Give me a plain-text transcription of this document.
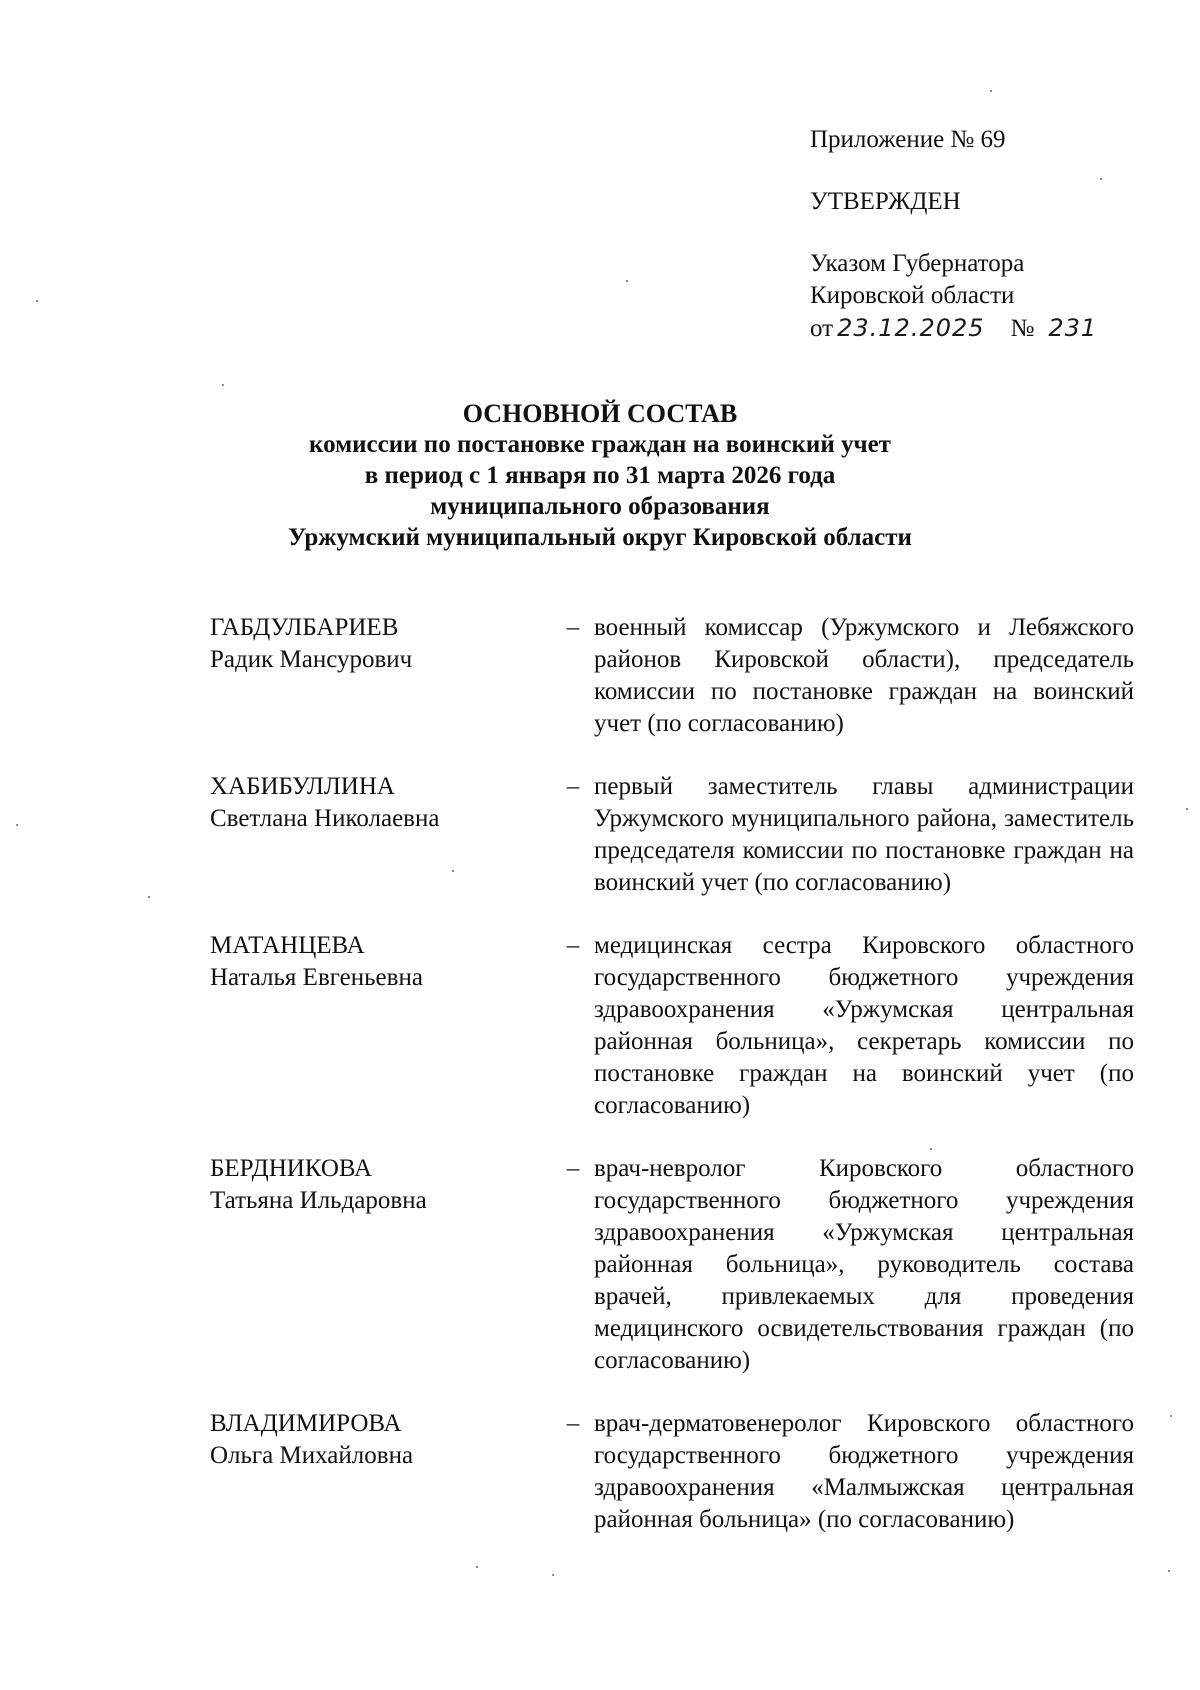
Приложение № 69
УТВЕРЖДЕН
Указом Губернатора
Кировской области
от 23.12.2025 № 231
ОСНОВНОЙ СОСТАВ
комиссии по постановке граждан на воинский учет
в период с 1 января по 31 марта 2026 года
муниципального образования
Уржумский муниципальный округ Кировской области
ГАБДУЛБАРИЕВ
Радик Мансурович
– военный комиссар (Уржумского и Лебяжского районов Кировской области), председатель комиссии по постановке граждан на воинский учет (по согласованию)
ХАБИБУЛЛИНА
Светлана Николаевна
– первый заместитель главы администрации Уржумского муниципального района, заместитель председателя комиссии по постановке граждан на воинский учет (по согласованию)
МАТАНЦЕВА
Наталья Евгеньевна
– медицинская сестра Кировского областного государственного бюджетного учреждения здравоохранения «Уржумская центральная районная больница», секретарь комиссии по постановке граждан на воинский учет (по согласованию)
БЕРДНИКОВА
Татьяна Ильдаровна
– врач-невролог Кировского областного государственного бюджетного учреждения здравоохранения «Уржумская центральная районная больница», руководитель состава врачей, привлекаемых для проведения медицинского освидетельствования граждан (по согласованию)
ВЛАДИМИРОВА
Ольга Михайловна
– врач-дерматовенеролог Кировского областного государственного бюджетного учреждения здравоохранения «Малмыжская центральная районная больница» (по согласованию)
